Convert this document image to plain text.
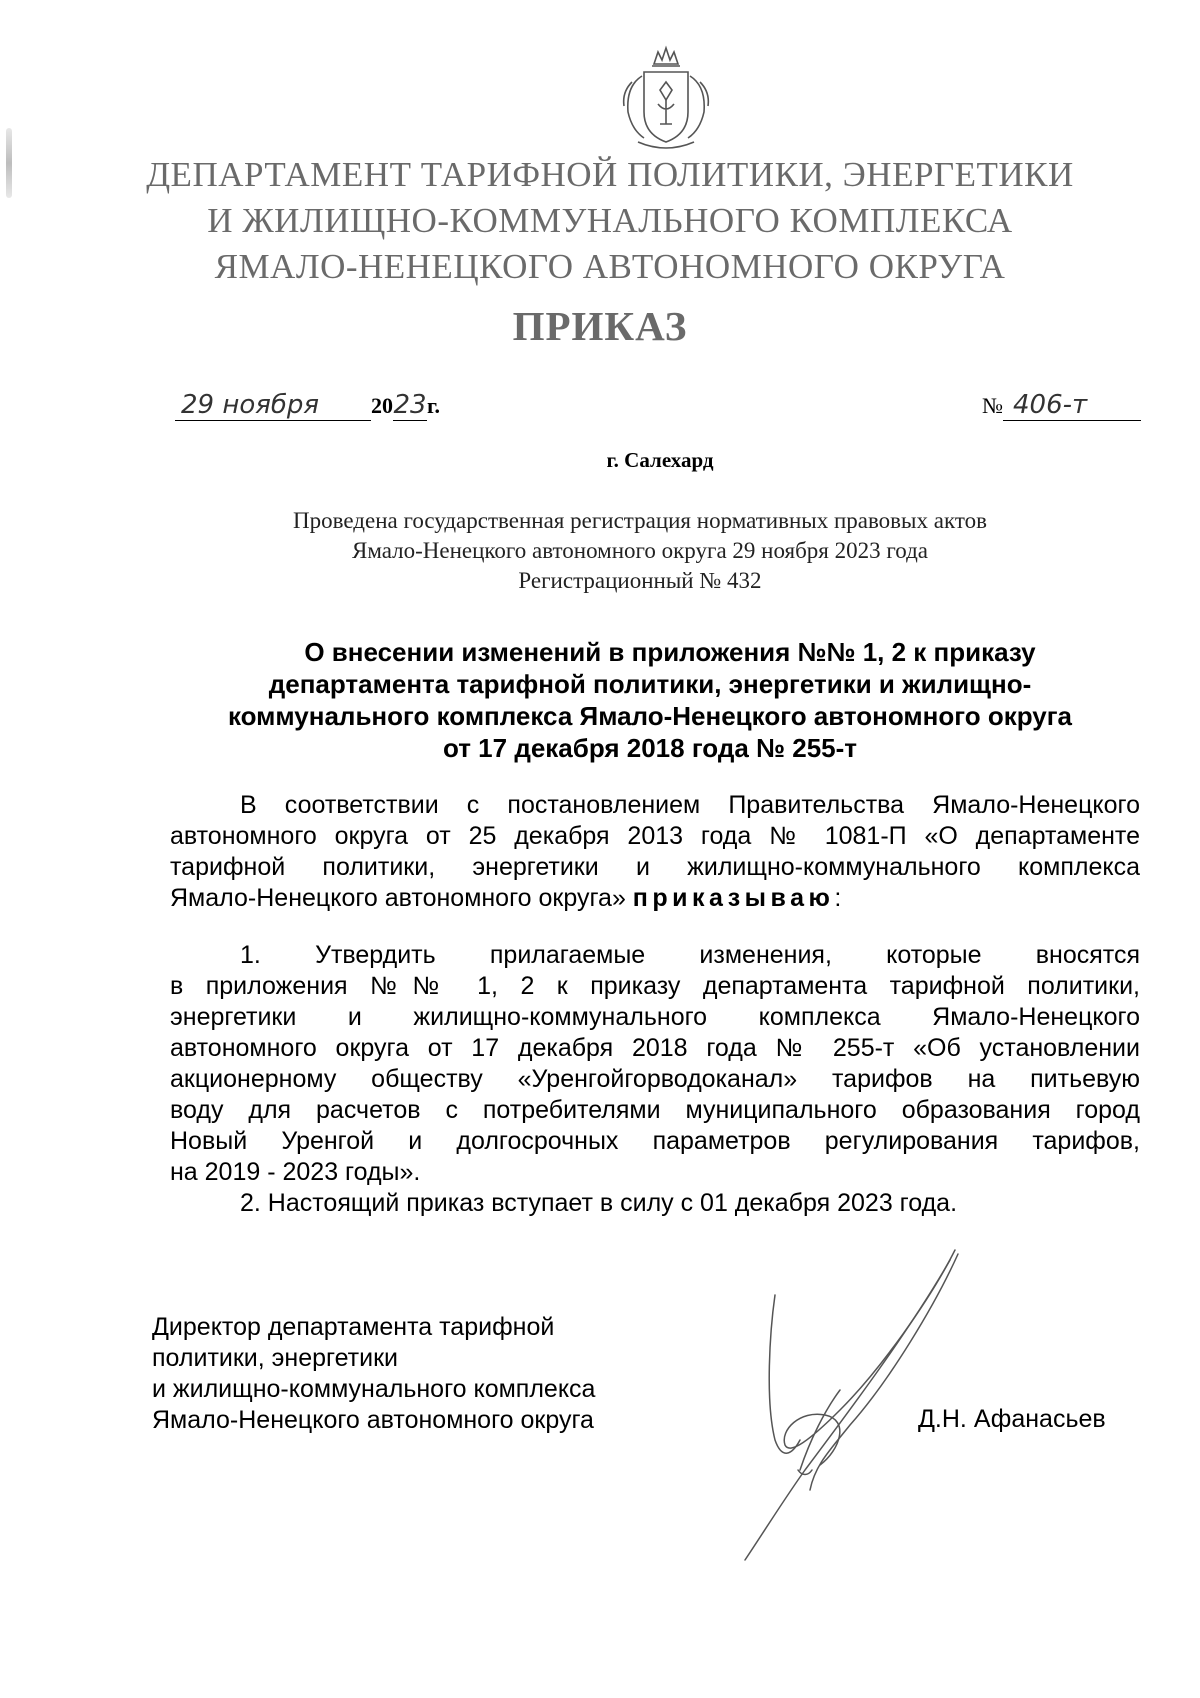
ДЕПАРТАМЕНТ ТАРИФНОЙ ПОЛИТИКИ, ЭНЕРГЕТИКИ
И ЖИЛИЩНО-КОММУНАЛЬНОГО КОМПЛЕКСА
ЯМАЛО-НЕНЕЦКОГО АВТОНОМНОГО ОКРУГА
ПРИКАЗ
29 ноября 2023г.	№ 406-т
г. Салехард
Проведена государственная регистрация нормативных правовых актов
Ямало-Ненецкого автономного округа 29 ноября 2023 года
Регистрационный № 432
О внесении изменений в приложения №№ 1, 2 к приказу
департамента тарифной политики, энергетики и жилищно-
коммунального комплекса Ямало-Ненецкого автономного округа
от 17 декабря 2018 года № 255-т
В соответствии с постановлением Правительства Ямало-Ненецкого
автономного округа от 25 декабря 2013 года № 1081-П «О департаменте
тарифной политики, энергетики и жилищно-коммунального комплекса
Ямало-Ненецкого автономного округа» приказываю:
1. Утвердить прилагаемые изменения, которые вносятся
в приложения №№ 1, 2 к приказу департамента тарифной политики,
энергетики и жилищно-коммунального комплекса Ямало-Ненецкого
автономного округа от 17 декабря 2018 года № 255-т «Об установлении
акционерному обществу «Уренгойгорводоканал» тарифов на питьевую
воду для расчетов с потребителями муниципального образования город
Новый Уренгой и долгосрочных параметров регулирования тарифов,
на 2019 - 2023 годы».
2. Настоящий приказ вступает в силу с 01 декабря 2023 года.
Директор департамента тарифной
политики, энергетики
и жилищно-коммунального комплекса
Ямало-Ненецкого автономного округа	Д.Н. Афанасьев
